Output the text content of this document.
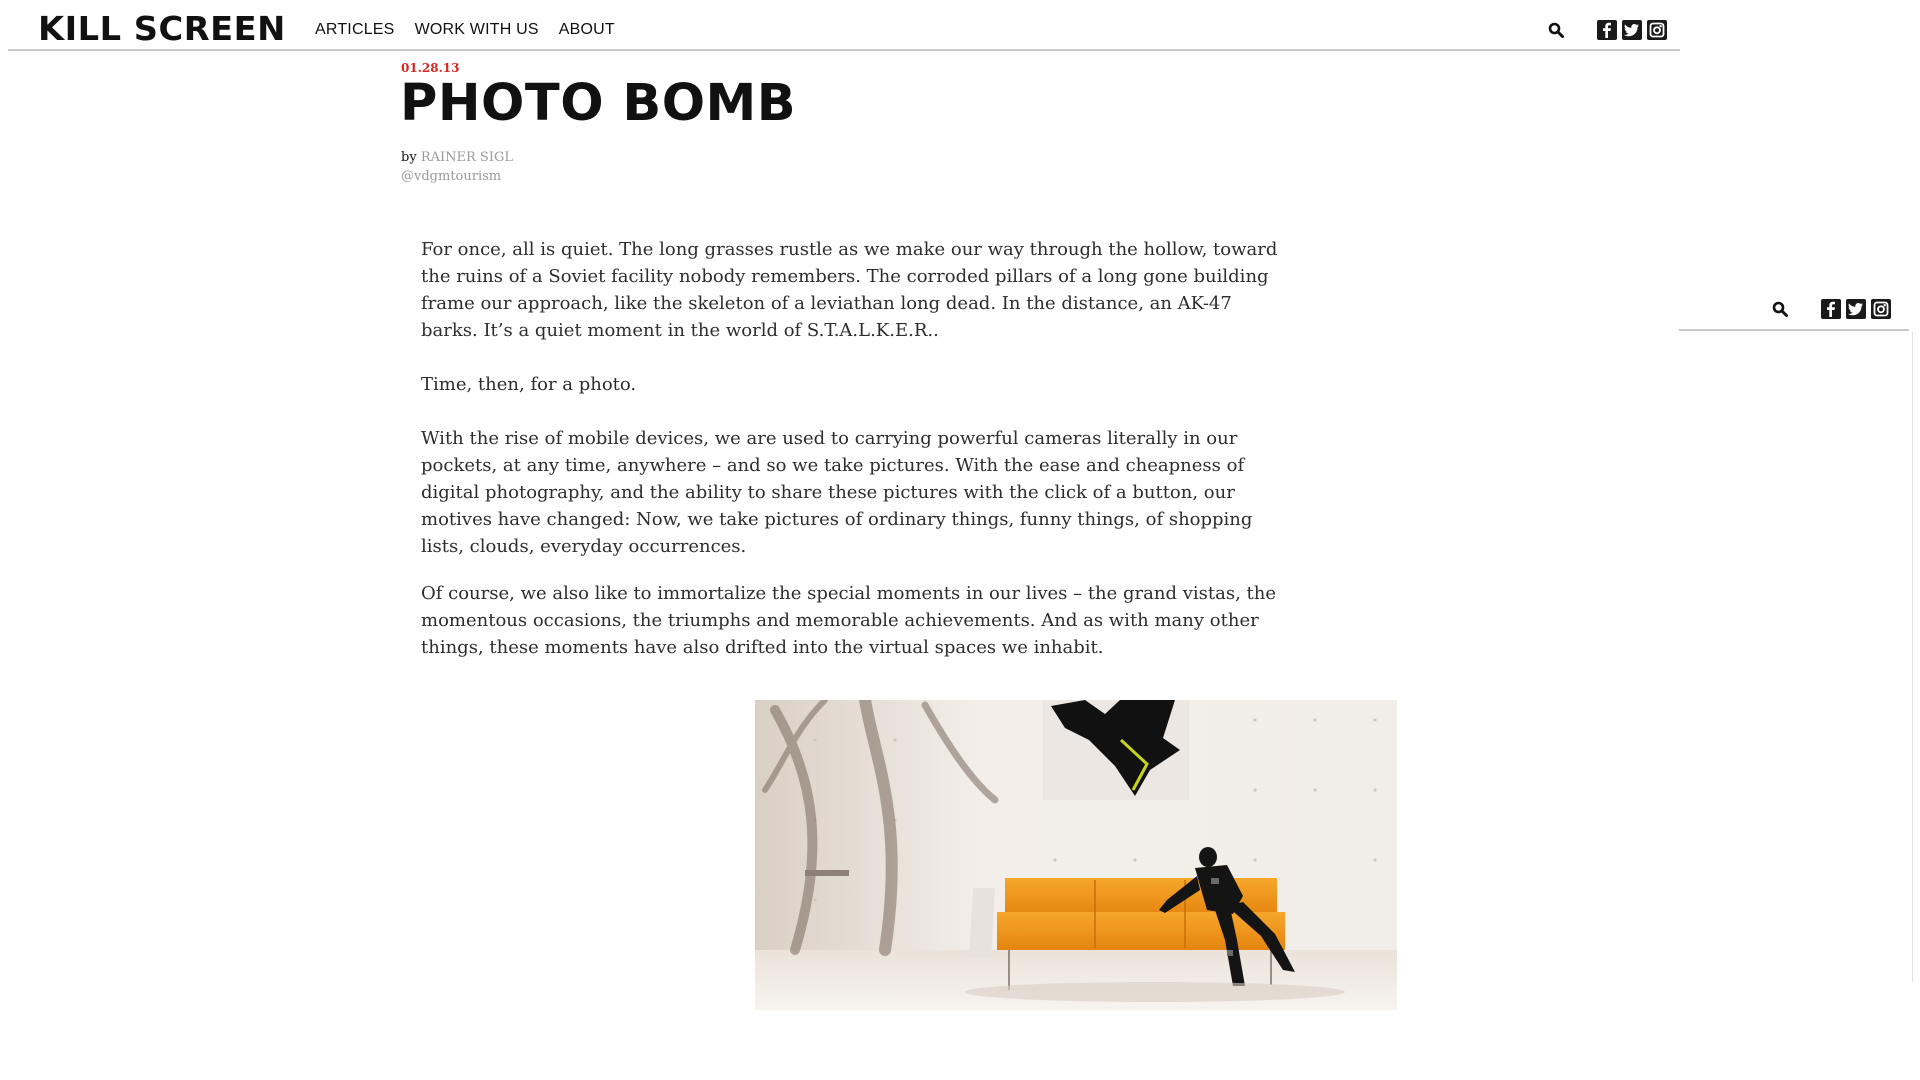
KILL SCREEN ARTICLES WORK WITH US ABOUT
01.28.13
PHOTO BOMB
by RAINER SIGL
@vdgmtourism

For once, all is quiet. The long grasses rustle as we make our way through the hollow, toward the ruins of a Soviet facility nobody remembers. The corroded pillars of a long gone building frame our approach, like the skeleton of a leviathan long dead. In the distance, an AK-47 barks. It’s a quiet moment in the world of S.T.A.L.K.E.R..

Time, then, for a photo.

With the rise of mobile devices, we are used to carrying powerful cameras literally in our pockets, at any time, anywhere – and so we take pictures. With the ease and cheapness of digital photography, and the ability to share these pictures with the click of a button, our motives have changed: Now, we take pictures of ordinary things, funny things, of shopping lists, clouds, everyday occurrences.

Of course, we also like to immortalize the special moments in our lives – the grand vistas, the momentous occasions, the triumphs and memorable achievements. And as with many other things, these moments have also drifted into the virtual spaces we inhabit.
